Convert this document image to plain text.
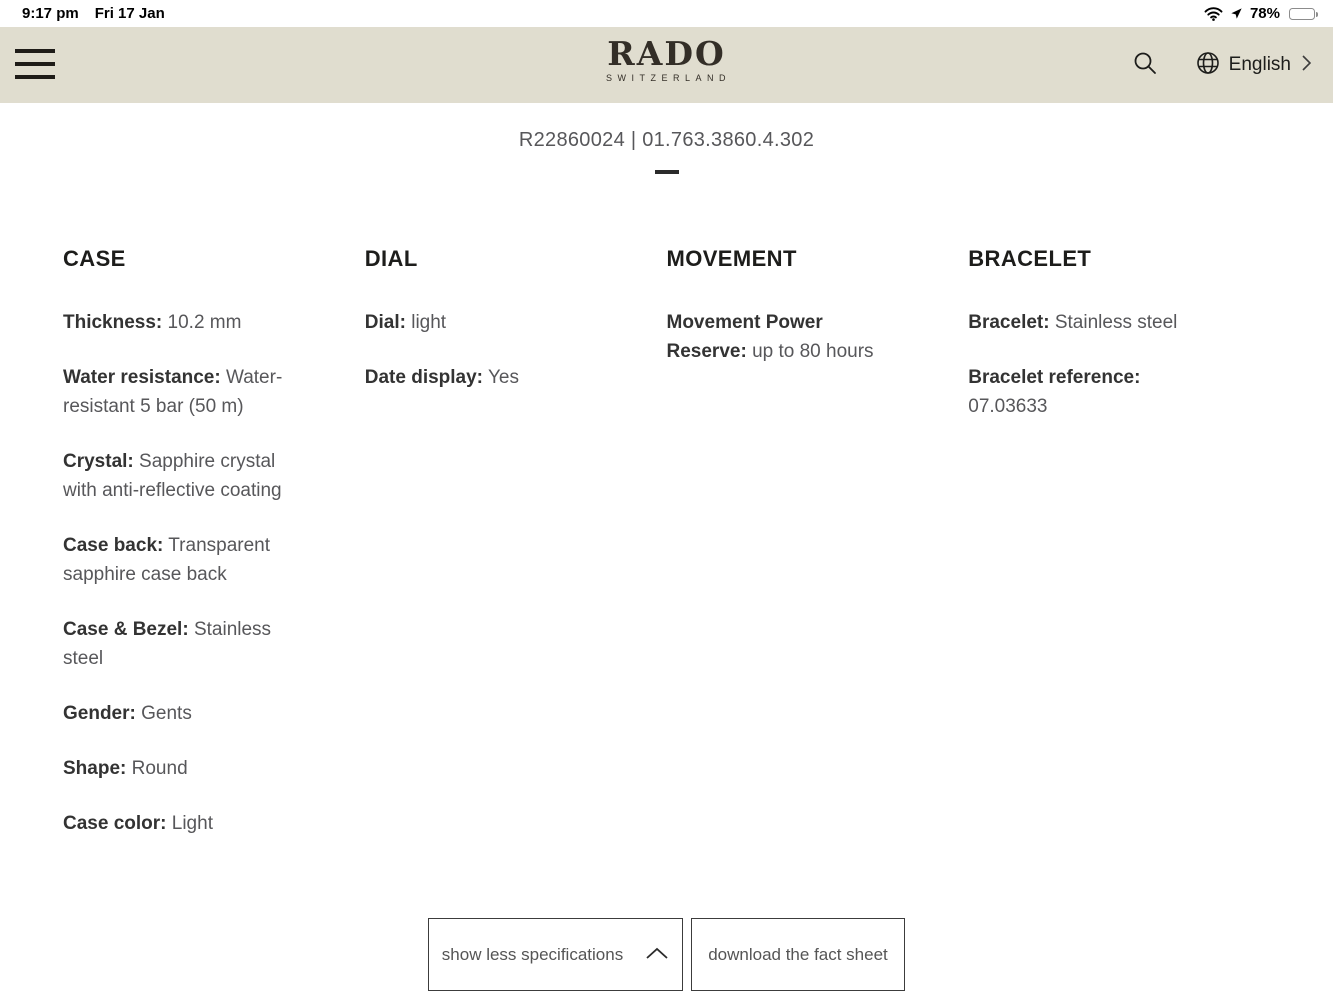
9:17 pm Fri 17 Jan	78%
RADO
SWITZERLAND
English
R22860024 | 01.763.3860.4.302
CASE

Thickness: 10.2 mm

Water resistance: Water-resistant 5 bar (50 m)

Crystal: Sapphire crystal with anti-reflective coating

Case back: Transparent sapphire case back

Case & Bezel: Stainless steel

Gender: Gents

Shape: Round

Case color: Light

DIAL

Dial: light

Date display: Yes

MOVEMENT

Movement Power Reserve: up to 80 hours

BRACELET

Bracelet: Stainless steel

Bracelet reference: 07.03633

show less specifications	download the fact sheet
